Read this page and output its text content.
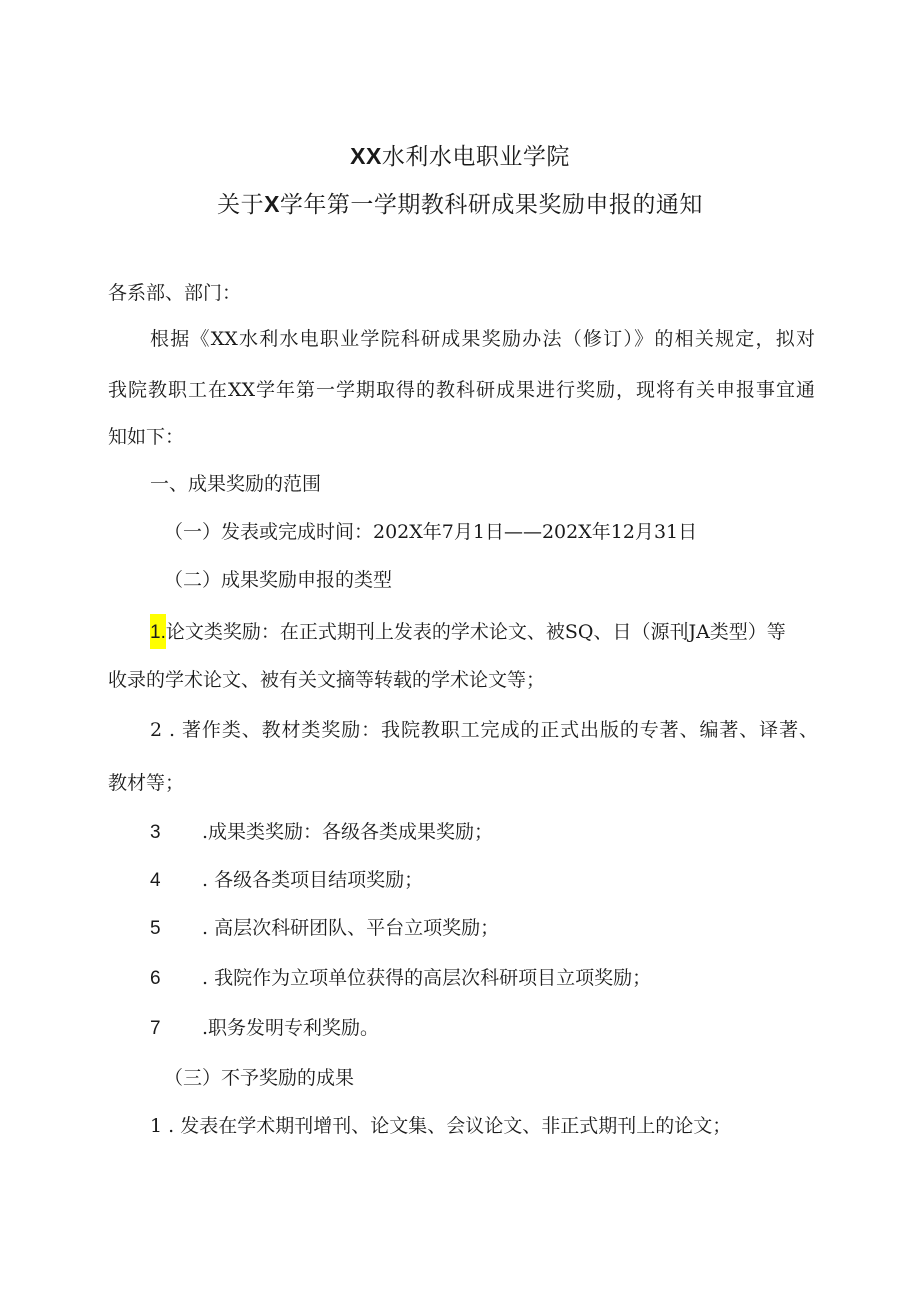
XX水利水电职业学院
关于X学年第一学期教科研成果奖励申报的通知
各系部、部门：
根据《XX水利水电职业学院科研成果奖励办法（修订）》的相关规定，拟对
我院教职工在XX学年第一学期取得的教科研成果进行奖励，现将有关申报事宜通
知如下：
一、成果奖励的范围
（一）发表或完成时间：202X年7月1日——202X年12月31日
（二）成果奖励申报的类型
1.论文类奖励：在正式期刊上发表的学术论文、被SQ、日（源刊JA类型）等
收录的学术论文、被有关文摘等转载的学术论文等；
2 . 著作类、教材类奖励：我院教职工完成的正式出版的专著、编著、译著、
教材等；
3 .成果类奖励：各级各类成果奖励；
4 . 各级各类项目结项奖励；
5 . 高层次科研团队、平台立项奖励；
6 . 我院作为立项单位获得的高层次科研项目立项奖励；
7 .职务发明专利奖励。
（三）不予奖励的成果
1 . 发表在学术期刊增刊、论文集、会议论文、非正式期刊上的论文；
